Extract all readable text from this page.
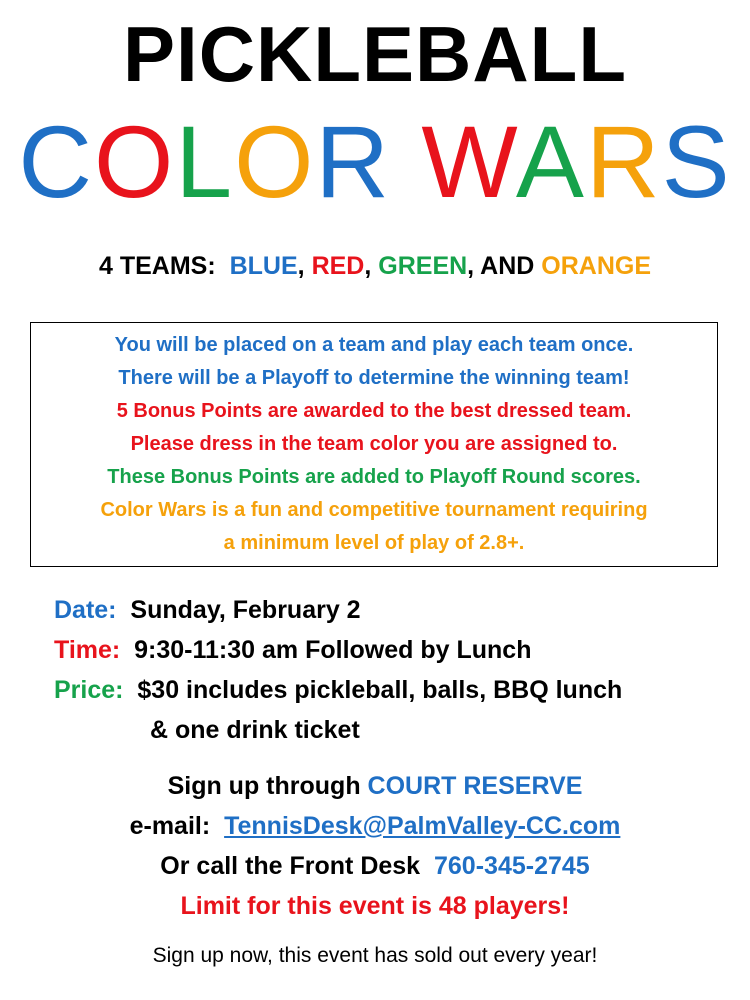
PICKLEBALL
COLOR WARS
4 TEAMS: BLUE, RED, GREEN, AND ORANGE
You will be placed on a team and play each team once.
There will be a Playoff to determine the winning team!
5 Bonus Points are awarded to the best dressed team.
Please dress in the team color you are assigned to.
These Bonus Points are added to Playoff Round scores.
Color Wars is a fun and competitive tournament requiring
a minimum level of play of 2.8+.
Date: Sunday, February 2
Time: 9:30-11:30 am Followed by Lunch
Price: $30 includes pickleball, balls, BBQ lunch
& one drink ticket
Sign up through COURT RESERVE
e-mail: TennisDesk@PalmValley-CC.com
Or call the Front Desk 760-345-2745
Limit for this event is 48 players!
Sign up now, this event has sold out every year!
